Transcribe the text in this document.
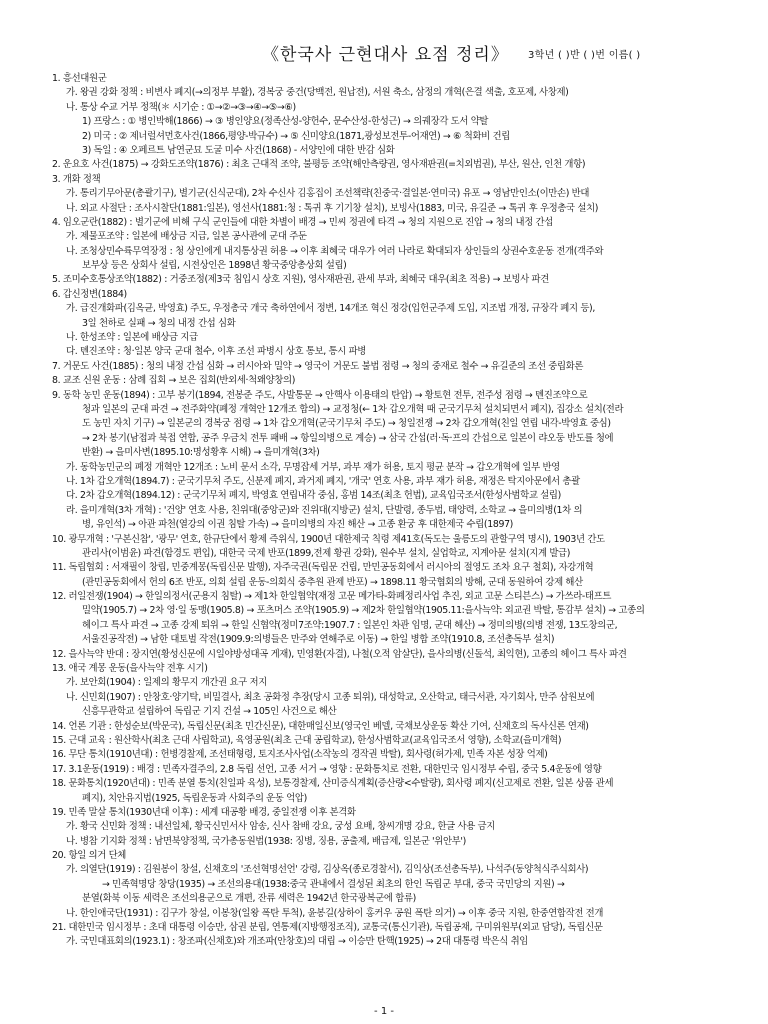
《한국사 근현대사 요점 정리》 3학년 ( )반 ( )번 이름( )
1. 흥선대원군
가. 왕권 강화 정책 : 비변사 폐지(→의정부 부활), 경복궁 중건(당백전, 원납전), 서원 축소, 삼정의 개혁(은결 색출, 호포제, 사창제)
나. 통상 수교 거부 정책(＊ 시기순 : ①→②→③→④→⑤→⑥)
1) 프랑스 : ① 병인박해(1866) → ③ 병인양요(정족산성-양헌수, 문수산성-한성근) → 의궤장각 도서 약탈
2) 미국 : ② 제너럴셔먼호사건(1866,평양-박규수) → ⑤ 신미양요(1871,광성보전투-어재연) → ⑥ 척화비 건립
3) 독일 : ④ 오페르트 남연군묘 도굴 미수 사건(1868) - 서양인에 대한 반감 심화
2. 운요호 사건(1875) → 강화도조약(1876) : 최초 근대적 조약, 불평등 조약(해안측량권, 영사재판권(=치외법권), 부산, 원산, 인천 개항)
3. 개화 정책
가. 통리기무아문(총괄기구), 별기군(신식군대), 2차 수신사 김홍집이 조선책략(친중국·결일본·연미국) 유포 → 영남만인소(이만손) 반대
나. 외교 사절단 : 조사시찰단(1881:일본), 영선사(1881:청 : 톡귀 후 기기창 설치), 보빙사(1883, 미국, 유길준 → 톡귀 후 우정총국 설치)
4. 임오군란(1882) : 별기군에 비해 구식 군인들에 대한 차별이 배경 → 민씨 정권에 타격 → 청의 지원으로 진압 → 청의 내정 간섭
가. 제물포조약 : 일본에 배상금 지급, 일본 공사관에 군대 주둔
나. 조청상민수륙무역장정 : 청 상인에게 내지통상권 허용 → 이후 최혜국 대우가 여러 나라로 확대되자 상인들의 상권수호운동 전개(객주와
보부상 등은 상회사 설립, 시전상인은 1898년 황국중앙총상회 설립)
5. 조미수호통상조약(1882) : 거중조정(제3국 침입시 상호 지원), 영사재판권, 관세 부과, 최혜국 대우(최초 적용) → 보빙사 파견
6. 갑신정변(1884)
가. 급진개화파(김옥균, 박영효) 주도, 우정총국 개국 축하연에서 정변, 14개조 혁신 정강(입헌군주제 도입, 지조법 개정, 규장각 폐지 등),
3일 천하로 실패 → 청의 내정 간섭 심화
나. 한성조약 : 일본에 배상금 지급
다. 톈진조약 : 청·일본 양국 군대 철수, 이후 조선 파병시 상호 통보, 통시 파병
7. 거문도 사건(1885) : 청의 내정 간섭 심화 → 러시아와 밀약 → 영국이 거문도 불법 점령 → 청의 중재로 철수 → 유길준의 조선 중립화론
8. 교조 신원 운동 : 삼례 집회 → 보은 집회(반외세·척왜양창의)
9. 동학 농민 운동(1894) : 고부 봉기(1894, 전봉준 주도, 사발통문 → 안핵사 이용태의 탄압) → 황토현 전투, 전주성 점령 → 톈진조약으로
청과 일본의 군대 파견 → 전주화약(폐정 개혁안 12개조 합의) → 교정청(← 1차 갑오개혁 때 군국기무처 설치되면서 폐지), 집강소 설치(전라
도 농민 자치 기구) → 일본군의 경복궁 점령 → 1차 갑오개혁(군국기무처 주도) → 청일전쟁 → 2차 갑오개혁(친일 연립 내각-박영효 중심)
→ 2차 봉기(남접과 북접 연합, 공주 우금치 전투 패배 → 항일의병으로 계승) → 삼국 간섭(러·독·프의 간섭으로 일본이 랴오둥 반도를 청에
반환) → 을미사변(1895.10:명성황후 시해) → 을미개혁(3차)
가. 동학농민군의 폐정 개혁안 12개조 : 노비 문서 소각, 무명잡세 거부, 과부 재가 허용, 토지 평균 분작 → 갑오개혁에 일부 반영
나. 1차 갑오개혁(1894.7) : 군국기무처 주도, 신분제 폐지, 과거제 폐지, '개국' 연호 사용, 과부 재가 허용, 재정은 탁지아문에서 총괄
다. 2차 갑오개혁(1894.12) : 군국기무처 폐지, 박영효 연립내각 중심, 홍범 14조(최초 헌법), 교육입국조서(한성사범학교 설립)
라. 을미개혁(3차 개혁) : '건양' 연호 사용, 친위대(중앙군)와 진위대(지방군) 설치, 단발령, 종두법, 태양력, 소학교 → 을미의병(1차 의
병, 유인석) → 아관 파천(열강의 이권 침탈 가속) → 을미의병의 자진 해산 → 고종 환궁 후 대한제국 수립(1897)
10. 광무개혁 : '구본신참', '광무' 연호, 한규단에서 황제 즉위식, 1900년 대한제국 칙령 제41호(독도는 울릉도의 관할구역 명시), 1903년 간도
관리사(이범윤) 파견(함경도 편입), 대한국 국제 반포(1899,전제 황권 강화), 원수부 설치, 실업학교, 지계아문 설치(지계 발급)
11. 독립협회 : 서재필이 창립, 민중계몽(독립신문 발행), 자주국권(독립문 건립, 만민공동회에서 러시아의 절영도 조차 요구 철회), 자강개혁
(관민공동회에서 헌의 6조 반포, 의회 설립 운동-의회식 중추원 관제 반포) → 1898.11 황국협회의 방해, 군대 동원하여 강제 해산
12. 러일전쟁(1904) → 한일의정서(군용지 침탈) → 제1차 한일협약(재정 고문 메가타-화폐정리사업 추진, 외교 고문 스티븐스) → 가쓰라-태프트
밀약(1905.7) → 2차 영·일 동맹(1905.8) → 포츠머스 조약(1905.9) → 제2차 한일협약(1905.11:을사늑약: 외교권 박탈, 통감부 설치) → 고종의
헤이그 특사 파견 → 고종 강제 퇴위 → 한일 신협약(정미7조약:1907.7 : 일본인 차관 임명, 군대 해산) → 정미의병(의병 전쟁, 13도창의군,
서울진공작전) → 남한 대토벌 작전(1909.9:의병들은 만주와 연해주로 이동) → 한일 병합 조약(1910.8, 조선총독부 설치)
12. 을사늑약 반대 : 장지연(황성신문에 시일야방성대곡 게재), 민영환(자결), 나철(오적 암살단), 을사의병(신돌석, 최익현), 고종의 헤이그 특사 파견
13. 애국 계몽 운동(을사늑약 전후 시기)
가. 보안회(1904) : 일제의 황무지 개간권 요구 저지
나. 신민회(1907) : 안창호·양기탁, 비밀결사, 최초 공화정 추장(당시 고종 퇴위), 대성학교, 오산학교, 태극서관, 자기회사, 만주 삼원보에
신흥무관학교 설립하여 독립군 기지 건설 → 105인 사건으로 해산
14. 언론 기관 : 한성순보(박문국), 독립신문(최초 민간신문), 대한매일신보(영국인 베델, 국채보상운동 확산 기여, 신채호의 독사신론 연재)
15. 근대 교육 : 원산학사(최초 근대 사립학교), 육영공원(최초 근대 공립학교), 한성사범학교(교육입국조서 영향), 소학교(을미개혁)
16. 무단 통치(1910년대) : 헌병경찰제, 조선태형령, 토지조사사업(소작농의 경작권 박탈), 회사령(허가제, 민족 자본 성장 억제)
17. 3.1운동(1919) : 배경 : 민족자결주의, 2.8 독립 선언, 고종 서거 → 영향 : 문화통치로 전환, 대한민국 임시정부 수립, 중국 5.4운동에 영향
18. 문화통치(1920년대) : 민족 분열 통치(친일파 육성), 보통경찰제, 산미증식계획(증산량<수탈량), 회사령 폐지(신고제로 전환, 일본 상품 관세
폐지), 치안유지법(1925, 독립운동과 사회주의 운동 억압)
19. 민족 말살 통치(1930년대 이후) : 세계 대공황 배경, 중일전쟁 이후 본격화
가. 황국 신민화 정책 : 내선일체, 황국신민서사 암송, 신사 참배 강요, 궁성 요배, 창씨개명 강요, 한글 사용 금지
나. 병참 기지화 정책 : 남면북양정책, 국가총동원법(1938: 징병, 징용, 공출제, 배급제, 일본군 '위안부')
20. 항일 의거 단체
가. 의열단(1919) : 김원봉이 창설, 신채호의 '조선혁명선언' 강령, 김상옥(종로경찰서), 김익상(조선총독부), 나석주(동양척식주식회사)
→ 민족혁명당 창당(1935) → 조선의용대(1938:중국 관내에서 결성된 최초의 한인 독립군 부대, 중국 국민당의 지원) →
분열(화북 이동 세력은 조선의용군으로 개편, 잔류 세력은 1942년 한국광복군에 합류)
나. 한인애국단(1931) : 김구가 창설, 이봉창(일왕 폭탄 투척), 윤봉길(상하이 홍커우 공원 폭탄 의거) → 이후 중국 지원, 한중연합작전 전개
21. 대한민국 임시정부 : 초대 대통령 이승만, 삼권 분립, 연통제(지방행정조직), 교통국(통신기관), 독립공채, 구미위원부(외교 담당), 독립신문
가. 국민대표회의(1923.1) : 창조파(신채호)와 개조파(안창호)의 대립 → 이승만 탄핵(1925) → 2대 대통령 박은식 취임
- 1 -
